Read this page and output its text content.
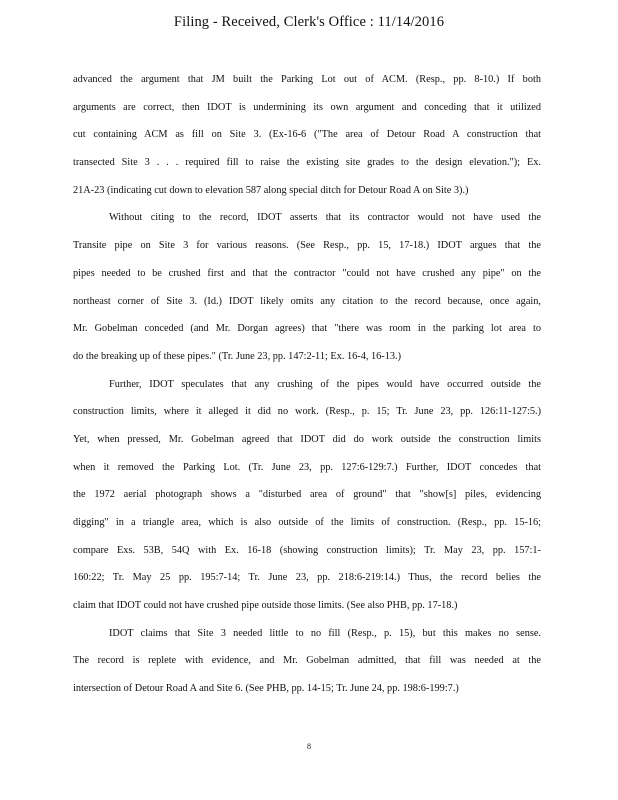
Filing - Received, Clerk's Office : 11/14/2016
advanced the argument that JM built the Parking Lot out of ACM. (Resp., pp. 8-10.) If both
arguments are correct, then IDOT is undermining its own argument and conceding that it utilized
cut containing ACM as fill on Site 3. (Ex-16-6 ("The area of Detour Road A construction that
transected Site 3 . . . required fill to raise the existing site grades to the design elevation."); Ex.
21A-23 (indicating cut down to elevation 587 along special ditch for Detour Road A on Site 3).)
Without citing to the record, IDOT asserts that its contractor would not have used the
Transite pipe on Site 3 for various reasons. (See Resp., pp. 15, 17-18.) IDOT argues that the
pipes needed to be crushed first and that the contractor "could not have crushed any pipe" on the
northeast corner of Site 3. (Id.) IDOT likely omits any citation to the record because, once again,
Mr. Gobelman conceded (and Mr. Dorgan agrees) that "there was room in the parking lot area to
do the breaking up of these pipes." (Tr. June 23, pp. 147:2-11; Ex. 16-4, 16-13.)
Further, IDOT speculates that any crushing of the pipes would have occurred outside the
construction limits, where it alleged it did no work. (Resp., p. 15; Tr. June 23, pp. 126:11-127:5.)
Yet, when pressed, Mr. Gobelman agreed that IDOT did do work outside the construction limits
when it removed the Parking Lot. (Tr. June 23, pp. 127:6-129:7.) Further, IDOT concedes that
the 1972 aerial photograph shows a "disturbed area of ground" that "show[s] piles, evidencing
digging" in a triangle area, which is also outside of the limits of construction. (Resp., pp. 15-16;
compare Exs. 53B, 54Q with Ex. 16-18 (showing construction limits); Tr. May 23, pp. 157:1-
160:22; Tr. May 25 pp. 195:7-14; Tr. June 23, pp. 218:6-219:14.) Thus, the record belies the
claim that IDOT could not have crushed pipe outside those limits. (See also PHB, pp. 17-18.)
IDOT claims that Site 3 needed little to no fill (Resp., p. 15), but this makes no sense.
The record is replete with evidence, and Mr. Gobelman admitted, that fill was needed at the
intersection of Detour Road A and Site 6. (See PHB, pp. 14-15; Tr. June 24, pp. 198:6-199:7.)
8
